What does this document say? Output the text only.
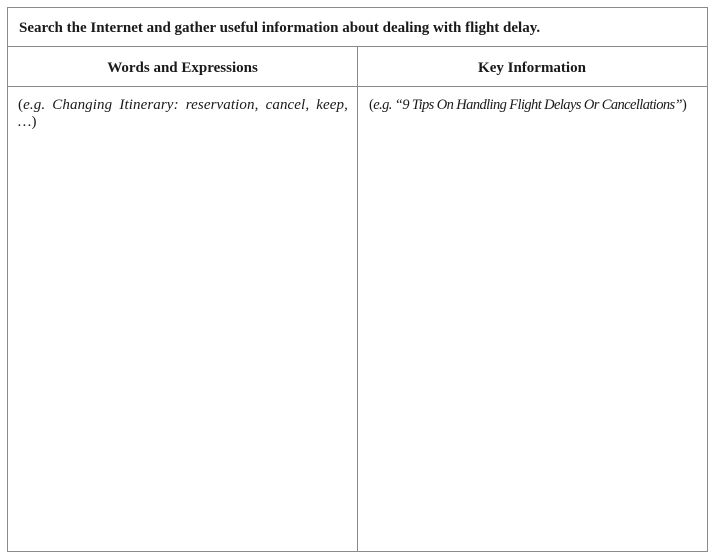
Search the Internet and gather useful information about dealing with flight delay.
Words and Expressions	Key Information
(e.g. Changing Itinerary: reservation, cancel, keep, …)
(e.g. “9 Tips On Handling Flight Delays Or Cancellations”)
